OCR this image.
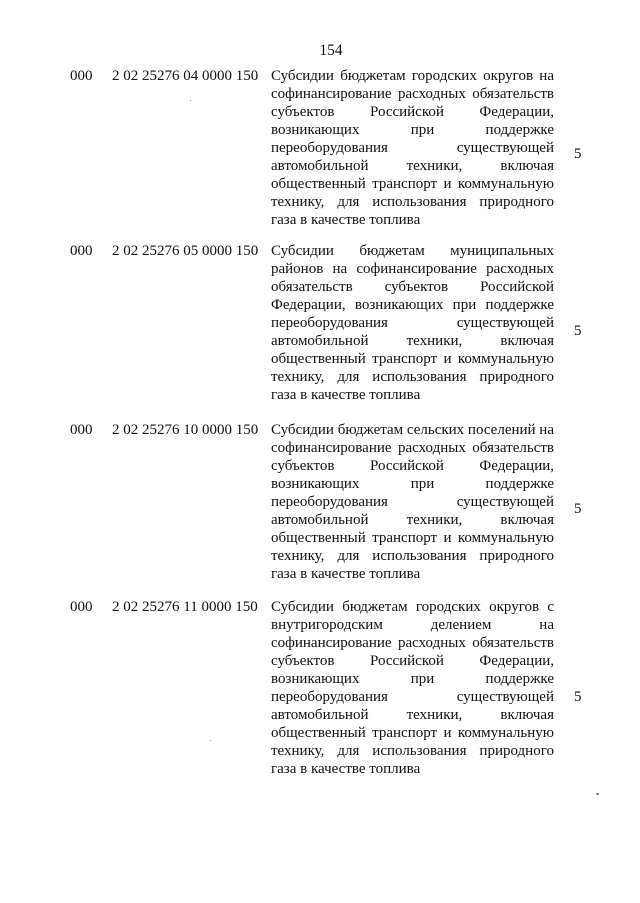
154
000 2 02 25276 04 0000 150 Субсидии бюджетам городских округов на
софинансирование расходных обязательств
субъектов Российской Федерации,
возникающих при поддержке
переоборудования существующей
автомобильной техники, включая
общественный транспорт и коммунальную
технику, для использования природного
газа в качестве топлива
5
000 2 02 25276 05 0000 150 Субсидии бюджетам муниципальных
районов на софинансирование расходных
обязательств субъектов Российской
Федерации, возникающих при поддержке
переоборудования существующей
автомобильной техники, включая
общественный транспорт и коммунальную
технику, для использования природного
газа в качестве топлива
5
000 2 02 25276 10 0000 150 Субсидии бюджетам сельских поселений на
софинансирование расходных обязательств
субъектов Российской Федерации,
возникающих при поддержке
переоборудования существующей
автомобильной техники, включая
общественный транспорт и коммунальную
технику, для использования природного
газа в качестве топлива
5
000 2 02 25276 11 0000 150 Субсидии бюджетам городских округов с
внутригородским делением на
софинансирование расходных обязательств
субъектов Российской Федерации,
возникающих при поддержке
переоборудования существующей
автомобильной техники, включая
общественный транспорт и коммунальную
технику, для использования природного
газа в качестве топлива
5
